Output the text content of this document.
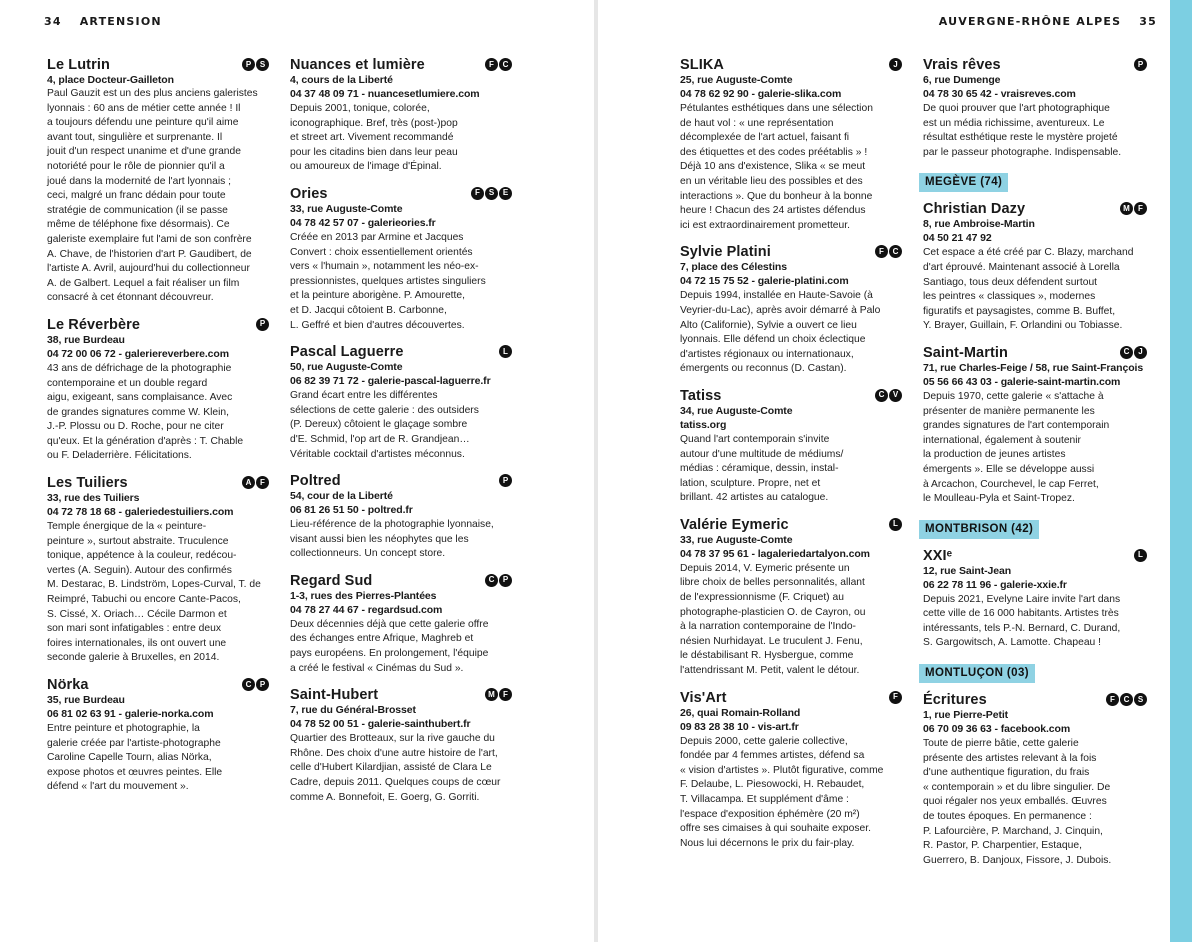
34 ARTENSION
Le Lutrin	P	S
4, place Docteur-Gailleton
Paul Gauzit est un des plus anciens galeristes
lyonnais : 60 ans de métier cette année ! Il
a toujours défendu une peinture qu'il aime
avant tout, singulière et surprenante. Il
jouit d'un respect unanime et d'une grande
notoriété pour le rôle de pionnier qu'il a
joué dans la modernité de l'art lyonnais ;
ceci, malgré un franc dédain pour toute
stratégie de communication (il se passe
même de téléphone fixe désormais). Ce
galeriste exemplaire fut l'ami de son confrère
A. Chave, de l'historien d'art P. Gaudibert, de
l'artiste A. Avril, aujourd'hui du collectionneur
A. de Galbert. Lequel a fait réaliser un film
consacré à cet étonnant découvreur.
Le Réverbère	P
38, rue Burdeau
04 72 00 06 72 - galeriereverbere.com
43 ans de défrichage de la photographie
contemporaine et un double regard
aigu, exigeant, sans complaisance. Avec
de grandes signatures comme W. Klein,
J.-P. Plossu ou D. Roche, pour ne citer
qu'eux. Et la génération d'après : T. Chable
ou F. Deladerrière. Félicitations.
Les Tuiliers	A	F
33, rue des Tuiliers
04 72 78 18 68 - galeriedestuiliers.com
Temple énergique de la « peinture-
peinture », surtout abstraite. Truculence
tonique, appétence à la couleur, redécou-
vertes (A. Seguin). Autour des confirmés
M. Destarac, B. Lindström, Lopes-Curval, T. de
Reimpré, Tabuchi ou encore Cante-Pacos,
S. Cissé, X. Oriach… Cécile Darmon et
son mari sont infatigables : entre deux
foires internationales, ils ont ouvert une
seconde galerie à Bruxelles, en 2014.
Nörka	C	P
35, rue Burdeau
06 81 02 63 91 - galerie-norka.com
Entre peinture et photographie, la
galerie créée par l'artiste-photographe
Caroline Capelle Tourn, alias Nörka,
expose photos et œuvres peintes. Elle
défend « l'art du mouvement ».
Nuances et lumière	F	C
4, cours de la Liberté
04 37 48 09 71 - nuancesetlumiere.com
Depuis 2001, tonique, colorée,
iconographique. Bref, très (post-)pop
et street art. Vivement recommandé
pour les citadins bien dans leur peau
ou amoureux de l'image d'Épinal.
Ories	F	S	E
33, rue Auguste-Comte
04 78 42 57 07 - galerieories.fr
Créée en 2013 par Armine et Jacques
Convert : choix essentiellement orientés
vers « l'humain », notamment les néo-ex-
pressionnistes, quelques artistes singuliers
et la peinture aborigène. P. Amourette,
et D. Jacqui côtoient B. Carbonne,
L. Geffré et bien d'autres découvertes.
Pascal Laguerre	L
50, rue Auguste-Comte
06 82 39 71 72 - galerie-pascal-laguerre.fr
Grand écart entre les différentes
sélections de cette galerie : des outsiders
(P. Dereux) côtoient le glaçage sombre
d'E. Schmid, l'op art de R. Grandjean…
Véritable cocktail d'artistes méconnus.
Poltred	P
54, cour de la Liberté
06 81 26 51 50 - poltred.fr
Lieu-référence de la photographie lyonnaise,
visant aussi bien les néophytes que les
collectionneurs. Un concept store.
Regard Sud	C	P
1-3, rues des Pierres-Plantées
04 78 27 44 67 - regardsud.com
Deux décennies déjà que cette galerie offre
des échanges entre Afrique, Maghreb et
pays européens. En prolongement, l'équipe
a créé le festival « Cinémas du Sud ».
Saint-Hubert	M	F
7, rue du Général-Brosset
04 78 52 00 51 - galerie-sainthubert.fr
Quartier des Brotteaux, sur la rive gauche du
Rhône. Des choix d'une autre histoire de l'art,
celle d'Hubert Kilardjian, assisté de Clara Le
Cadre, depuis 2011. Quelques coups de cœur
comme A. Bonnefoit, E. Goerg, G. Gorriti.
AUVERGNE-RHÔNE ALPES 35
SLIKA	J
25, rue Auguste-Comte
04 78 62 92 90 - galerie-slika.com
Pétulantes esthétiques dans une sélection
de haut vol : « une représentation
décomplexée de l'art actuel, faisant fi
des étiquettes et des codes préétablis » !
Déjà 10 ans d'existence, Slika « se meut
en un véritable lieu des possibles et des
interactions ». Que du bonheur à la bonne
heure ! Chacun des 24 artistes défendus
ici est extraordinairement prometteur.
Sylvie Platini	F	C
7, place des Célestins
04 72 15 75 52 - galerie-platini.com
Depuis 1994, installée en Haute-Savoie (à
Veyrier-du-Lac), après avoir démarré à Palo
Alto (Californie), Sylvie a ouvert ce lieu
lyonnais. Elle défend un choix éclectique
d'artistes régionaux ou internationaux,
émergents ou reconnus (D. Castan).
Tatiss	C	V
34, rue Auguste-Comte
tatiss.org
Quand l'art contemporain s'invite
autour d'une multitude de médiums/
médias : céramique, dessin, instal-
lation, sculpture. Propre, net et
brillant. 42 artistes au catalogue.
Valérie Eymeric	L
33, rue Auguste-Comte
04 78 37 95 61 - lagaleriedartalyon.com
Depuis 2014, V. Eymeric présente un
libre choix de belles personnalités, allant
de l'expressionnisme (F. Criquet) au
photographe-plasticien O. de Cayron, ou
à la narration contemporaine de l'Indo-
nésien Nurhidayat. Le truculent J. Fenu,
le déstabilisant R. Hysbergue, comme
l'attendrissant M. Petit, valent le détour.
Vis'Art	F
26, quai Romain-Rolland
09 83 28 38 10 - vis-art.fr
Depuis 2000, cette galerie collective,
fondée par 4 femmes artistes, défend sa
« vision d'artistes ». Plutôt figurative, comme
F. Delaube, L. Piesowocki, H. Rebaudet,
T. Villacampa. Et supplément d'âme :
l'espace d'exposition éphémère (20 m²)
offre ses cimaises à qui souhaite exposer.
Nous lui décernons le prix du fair-play.
Vrais rêves	P
6, rue Dumenge
04 78 30 65 42 - vraisreves.com
De quoi prouver que l'art photographique
est un média richissime, aventureux. Le
résultat esthétique reste le mystère projeté
par le passeur photographe. Indispensable.
MEGÈVE (74)
Christian Dazy	M	F
8, rue Ambroise-Martin
04 50 21 47 92
Cet espace a été créé par C. Blazy, marchand
d'art éprouvé. Maintenant associé à Lorella
Santiago, tous deux défendent surtout
les peintres « classiques », modernes
figuratifs et paysagistes, comme B. Buffet,
Y. Brayer, Guillain, F. Orlandini ou Tobiasse.
Saint-Martin	C	J
71, rue Charles-Feige / 58, rue Saint-François
05 56 66 43 03 - galerie-saint-martin.com
Depuis 1970, cette galerie « s'attache à
présenter de manière permanente les
grandes signatures de l'art contemporain
international, également à soutenir
la production de jeunes artistes
émergents ». Elle se développe aussi
à Arcachon, Courchevel, le cap Ferret,
le Moulleau-Pyla et Saint-Tropez.
MONTBRISON (42)
XXIᵉ	L
12, rue Saint-Jean
06 22 78 11 96 - galerie-xxie.fr
Depuis 2021, Evelyne Laire invite l'art dans
cette ville de 16 000 habitants. Artistes très
intéressants, tels P.-N. Bernard, C. Durand,
S. Gargowitsch, A. Lamotte. Chapeau !
MONTLUÇON (03)
Écritures	F	C	S
1, rue Pierre-Petit
06 70 09 36 63 - facebook.com
Toute de pierre bâtie, cette galerie
présente des artistes relevant à la fois
d'une authentique figuration, du frais
« contemporain » et du libre singulier. De
quoi régaler nos yeux emballés. Œuvres
de toutes époques. En permanence :
P. Lafourcière, P. Marchand, J. Cinquin,
R. Pastor, P. Charpentier, Estaque,
Guerrero, B. Danjoux, Fissore, J. Dubois.
